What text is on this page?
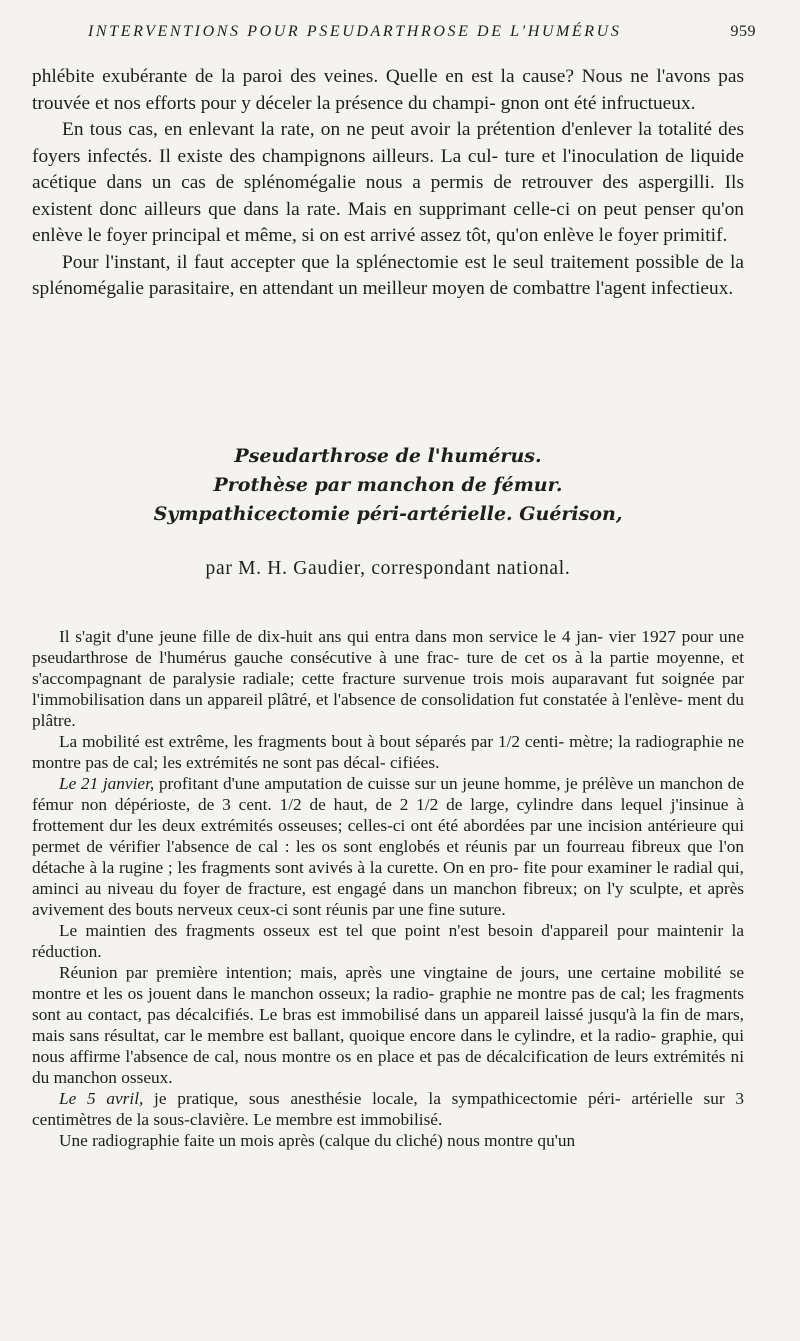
INTERVENTIONS POUR PSEUDARTHROSE DE L'HUMÉRUS	959

phlébite exubérante de la paroi des veines. Quelle en est la cause? Nous ne l'avons pas trouvée et nos efforts pour y déceler la présence du champi- gnon ont été infructueux.

En tous cas, en enlevant la rate, on ne peut avoir la prétention d'enlever la totalité des foyers infectés. Il existe des champignons ailleurs. La cul- ture et l'inoculation de liquide acétique dans un cas de splénomégalie nous a permis de retrouver des aspergilli. Ils existent donc ailleurs que dans la rate. Mais en supprimant celle-ci on peut penser qu'on enlève le foyer principal et même, si on est arrivé assez tôt, qu'on enlève le foyer primitif.

Pour l'instant, il faut accepter que la splénectomie est le seul traitement possible de la splénomégalie parasitaire, en attendant un meilleur moyen de combattre l'agent infectieux.

Pseudarthrose de l'humérus.
Prothèse par manchon de fémur.
Sympathicectomie péri-artérielle. Guérison,
par M. H. Gaudier, correspondant national.

Il s'agit d'une jeune fille de dix-huit ans qui entra dans mon service le 4 jan- vier 1927 pour une pseudarthrose de l'humérus gauche consécutive à une frac- ture de cet os à la partie moyenne, et s'accompagnant de paralysie radiale; cette fracture survenue trois mois auparavant fut soignée par l'immobilisation dans un appareil plâtré, et l'absence de consolidation fut constatée à l'enlève- ment du plâtre.

La mobilité est extrême, les fragments bout à bout séparés par 1/2 centi- mètre; la radiographie ne montre pas de cal; les extrémités ne sont pas décal- cifiées.

Le 21 janvier, profitant d'une amputation de cuisse sur un jeune homme, je prélève un manchon de fémur non dépérioste, de 3 cent. 1/2 de haut, de 2 1/2 de large, cylindre dans lequel j'insinue à frottement dur les deux extrémités osseuses; celles-ci ont été abordées par une incision antérieure qui permet de vérifier l'absence de cal : les os sont englobés et réunis par un fourreau fibreux que l'on détache à la rugine ; les fragments sont avivés à la curette. On en pro- fite pour examiner le radial qui, aminci au niveau du foyer de fracture, est engagé dans un manchon fibreux; on l'y sculpte, et après avivement des bouts nerveux ceux-ci sont réunis par une fine suture.

Le maintien des fragments osseux est tel que point n'est besoin d'appareil pour maintenir la réduction.

Réunion par première intention; mais, après une vingtaine de jours, une certaine mobilité se montre et les os jouent dans le manchon osseux; la radio- graphie ne montre pas de cal; les fragments sont au contact, pas décalcifiés. Le bras est immobilisé dans un appareil laissé jusqu'à la fin de mars, mais sans résultat, car le membre est ballant, quoique encore dans le cylindre, et la radio- graphie, qui nous affirme l'absence de cal, nous montre os en place et pas de décalcification de leurs extrémités ni du manchon osseux.

Le 5 avril, je pratique, sous anesthésie locale, la sympathicectomie péri- artérielle sur 3 centimètres de la sous-clavière. Le membre est immobilisé.

Une radiographie faite un mois après (calque du cliché) nous montre qu'un
